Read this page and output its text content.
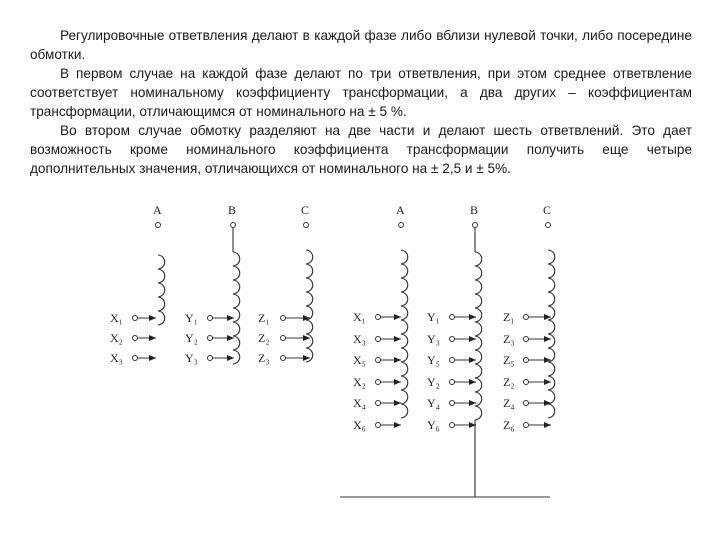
Регулировочные ответвления делают в каждой фазе либо вблизи нулевой точки, либо посередине обмотки.

В первом случае на каждой фазе делают по три ответвления, при этом среднее ответвление соответствует номинальному коэффициенту трансформации, а два других – коэффициентам трансформации, отличающимся от номинального на ± 5 %.

Во втором случае обмотку разделяют на две части и делают шесть ответвлений. Это дает возможность кроме номинального коэффициента трансформации получить еще четыре дополнительных значения, отличающихся от номинального на ± 2,5 и ± 5%.

A	B	C
X₁
X₂
X₃
Y₁
Y₂
Y₃
Z₁
Z₂
Z₃
A	B	C
X₁
X₃
X₅
X₂
X₄
X₆
Y₁
Y₃
Y₅
Y₂
Y₄
Y₆
Z₁
Z₃
Z₅
Z₂
Z₄
Z₆
